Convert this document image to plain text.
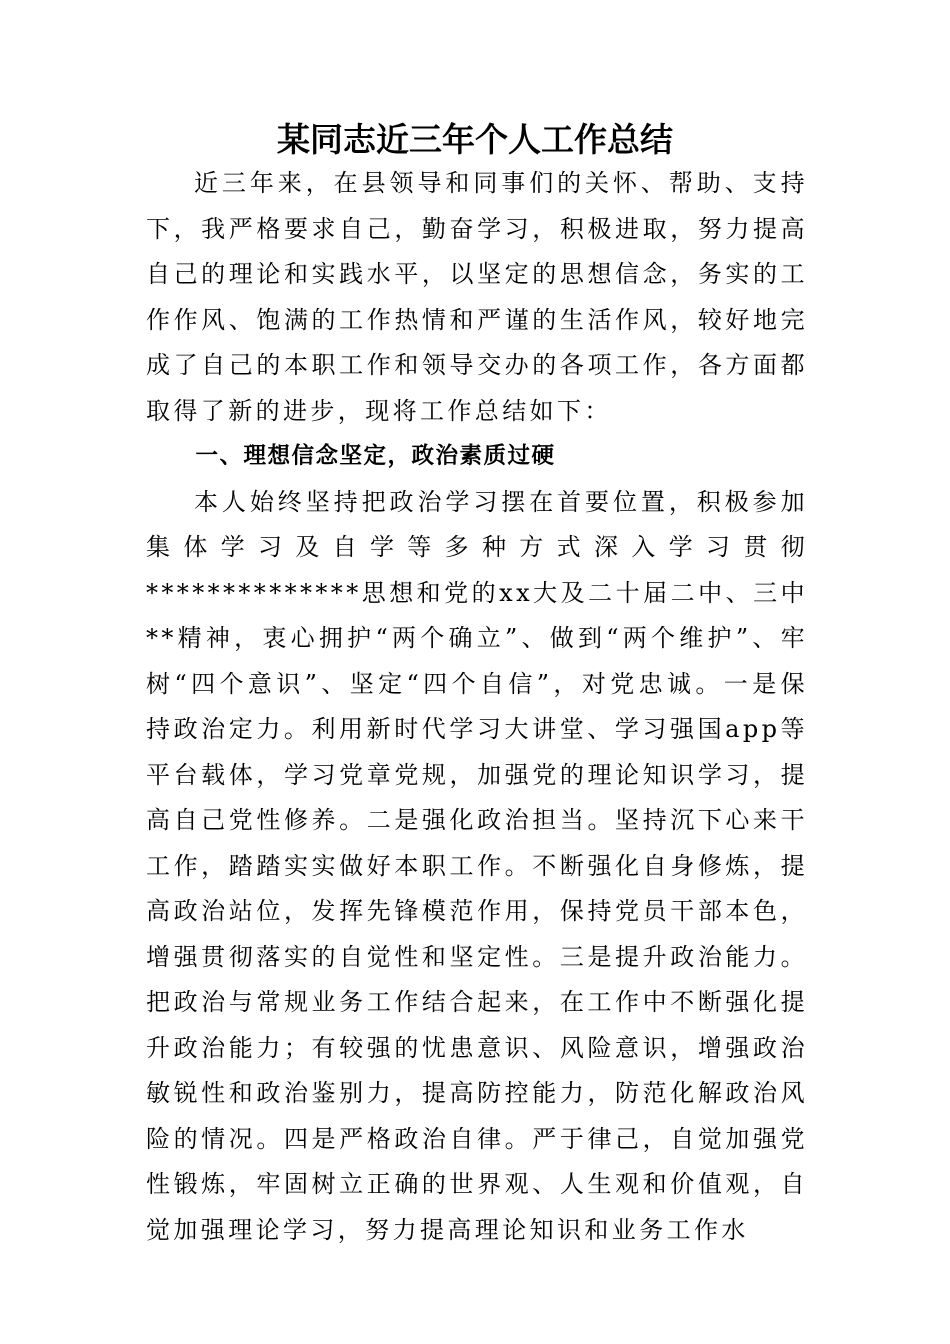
某同志近三年个人工作总结

近三年来，在县领导和同事们的关怀、帮助、支持下，我严格要求自己，勤奋学习，积极进取，努力提高自己的理论和实践水平，以坚定的思想信念，务实的工作作风、饱满的工作热情和严谨的生活作风，较好地完成了自己的本职工作和领导交办的各项工作，各方面都取得了新的进步，现将工作总结如下：

一、理想信念坚定，政治素质过硬

本人始终坚持把政治学习摆在首要位置，积极参加集体学习及自学等多种方式深入学习贯彻**************思想和党的xx大及二十届二中、三中**精神，衷心拥护“两个确立”、做到“两个维护”、牢树“四个意识”、坚定“四个自信”，对党忠诚。一是保持政治定力。利用新时代学习大讲堂、学习强国app等平台载体，学习党章党规，加强党的理论知识学习，提高自己党性修养。二是强化政治担当。坚持沉下心来干工作，踏踏实实做好本职工作。不断强化自身修炼，提高政治站位，发挥先锋模范作用，保持党员干部本色，增强贯彻落实的自觉性和坚定性。三是提升政治能力。把政治与常规业务工作结合起来，在工作中不断强化提升政治能力；有较强的忧患意识、风险意识，增强政治敏锐性和政治鉴别力，提高防控能力，防范化解政治风险的情况。四是严格政治自律。严于律己，自觉加强党性锻炼，牢固树立正确的世界观、人生观和价值观，自觉加强理论学习，努力提高理论知识和业务工作水
